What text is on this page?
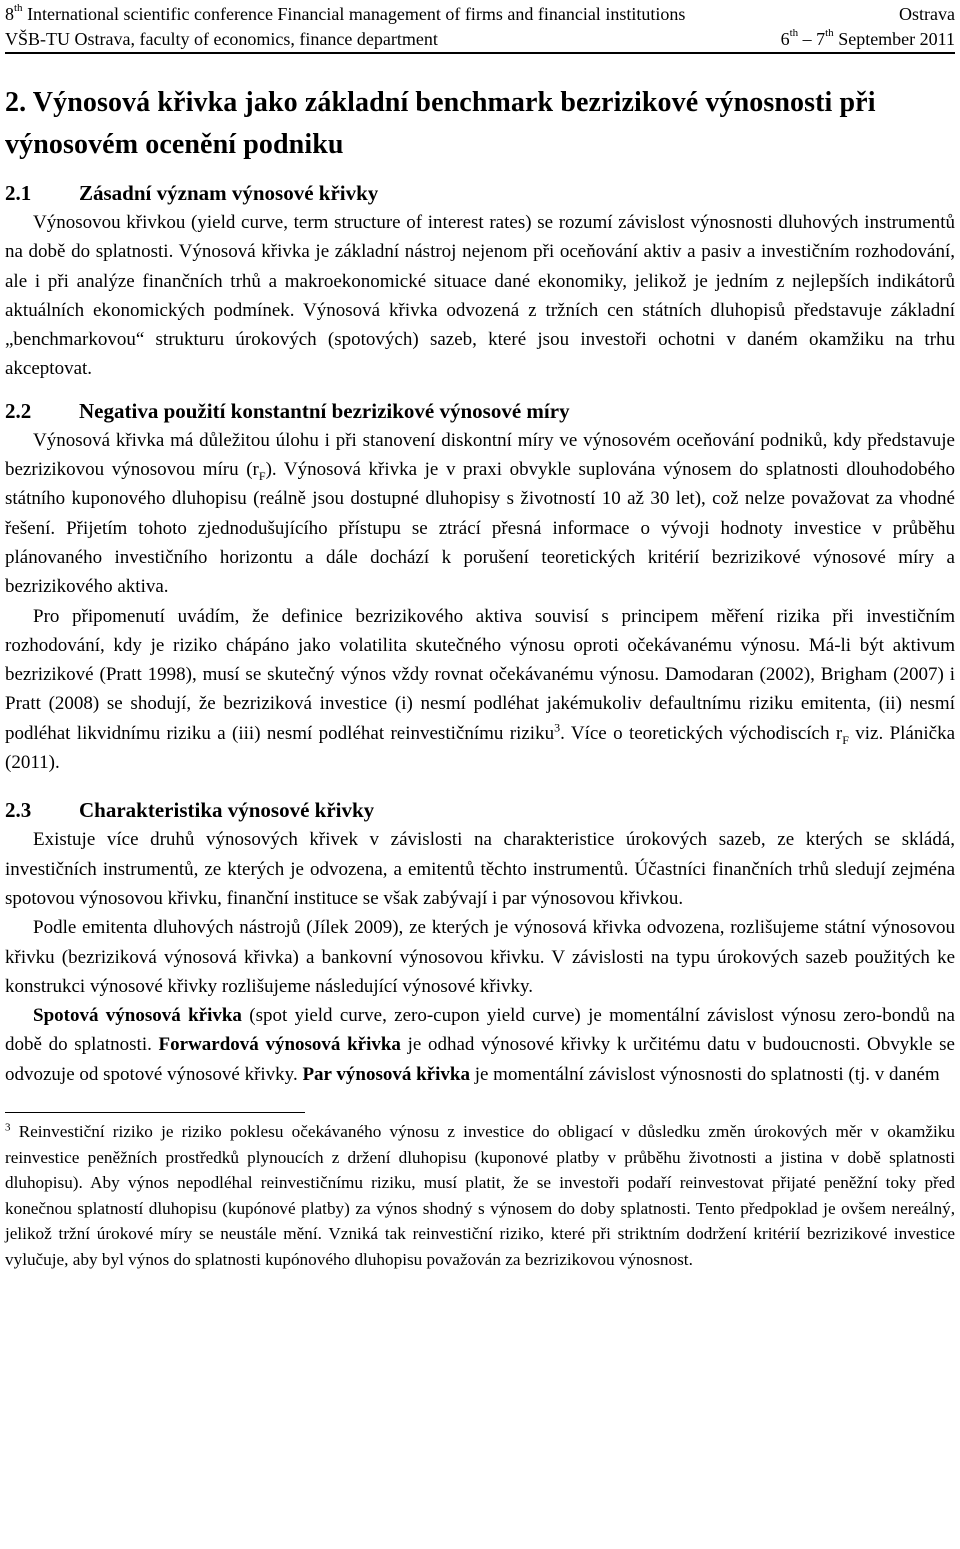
8th International scientific conference Financial management of firms and financial institutions	Ostrava
VŠB-TU Ostrava, faculty of economics, finance department	6th – 7th September 2011
2. Výnosová křivka jako základní benchmark bezrizikové výnosnosti při výnosovém ocenění podniku
2.1 Zásadní význam výnosové křivky

Výnosovou křivkou (yield curve, term structure of interest rates) se rozumí závislost výnosnosti dluhových instrumentů na době do splatnosti. Výnosová křivka je základní nástroj nejenom při oceňování aktiv a pasiv a investičním rozhodování, ale i při analýze finančních trhů a makroekonomické situace dané ekonomiky, jelikož je jedním z nejlepších indikátorů aktuálních ekonomických podmínek. Výnosová křivka odvozená z tržních cen státních dluhopisů představuje základní „benchmarkovou“ strukturu úrokových (spotových) sazeb, které jsou investoři ochotni v daném okamžiku na trhu akceptovat.

2.2 Negativa použití konstantní bezrizikové výnosové míry

Výnosová křivka má důležitou úlohu i při stanovení diskontní míry ve výnosovém oceňování podniků, kdy představuje bezrizikovou výnosovou míru $(r_F)$. Výnosová křivka je v praxi obvykle suplována výnosem do splatnosti dlouhodobého státního kuponového dluhopisu (reálně jsou dostupné dluhopisy s životností 10 až 30 let), což nelze považovat za vhodné řešení. Přijetím tohoto zjednodušujícího přístupu se ztrácí přesná informace o vývoji hodnoty investice v průběhu plánovaného investičního horizontu a dále dochází k porušení teoretických kritérií bezrizikové výnosové míry a bezrizikového aktiva.

Pro připomenutí uvádím, že definice bezrizikového aktiva souvisí s principem měření rizika při investičním rozhodování, kdy je riziko chápáno jako volatilita skutečného výnosu oproti očekávanému výnosu. Má-li být aktivum bezrizikové (Pratt 1998), musí se skutečný výnos vždy rovnat očekávanému výnosu. Damodaran (2002), Brigham (2007) i Pratt (2008) se shodují, že bezriziková investice (i) nesmí podléhat jakémukoliv defaultnímu riziku emitenta, (ii) nesmí podléhat likvidnímu riziku a (iii) nesmí podléhat reinvestičnímu riziku$^3$. Více o teoretických východiscích $r_F$ viz. Plánička (2011).

2.3 Charakteristika výnosové křivky

Existuje více druhů výnosových křivek v závislosti na charakteristice úrokových sazeb, ze kterých se skládá, investičních instrumentů, ze kterých je odvozena, a emitentů těchto instrumentů. Účastníci finančních trhů sledují zejména spotovou výnosovou křivku, finanční instituce se však zabývají i par výnosovou křivkou.

Podle emitenta dluhových nástrojů (Jílek 2009), ze kterých je výnosová křivka odvozena, rozlišujeme státní výnosovou křivku (bezriziková výnosová křivka) a bankovní výnosovou křivku. V závislosti na typu úrokových sazeb použitých ke konstrukci výnosové křivky rozlišujeme následující výnosové křivky.

Spotová výnosová křivka (spot yield curve, zero-cupon yield curve) je momentální závislost výnosu zero-bondů na době do splatnosti. Forwardová výnosová křivka je odhad výnosové křivky k určitému datu v budoucnosti. Obvykle se odvozuje od spotové výnosové křivky. Par výnosová křivka je momentální závislost výnosnosti do splatnosti (tj. v daném

$^3$ Reinvestiční riziko je riziko poklesu očekávaného výnosu z investice do obligací v důsledku změn úrokových měr v okamžiku reinvestice peněžních prostředků plynoucích z držení dluhopisu (kuponové platby v průběhu životnosti a jistina v době splatnosti dluhopisu). Aby výnos nepodléhal reinvestičnímu riziku, musí platit, že se investoři podaří reinvestovat přijaté peněžní toky před konečnou splatností dluhopisu (kupónové platby) za výnos shodný s výnosem do doby splatnosti. Tento předpoklad je ovšem nereálný, jelikož tržní úrokové míry se neustále mění. Vzniká tak reinvestiční riziko, které při striktním dodržení kritérií bezrizikové investice vylučuje, aby byl výnos do splatnosti kupónového dluhopisu považován za bezrizikovou výnosnost.
